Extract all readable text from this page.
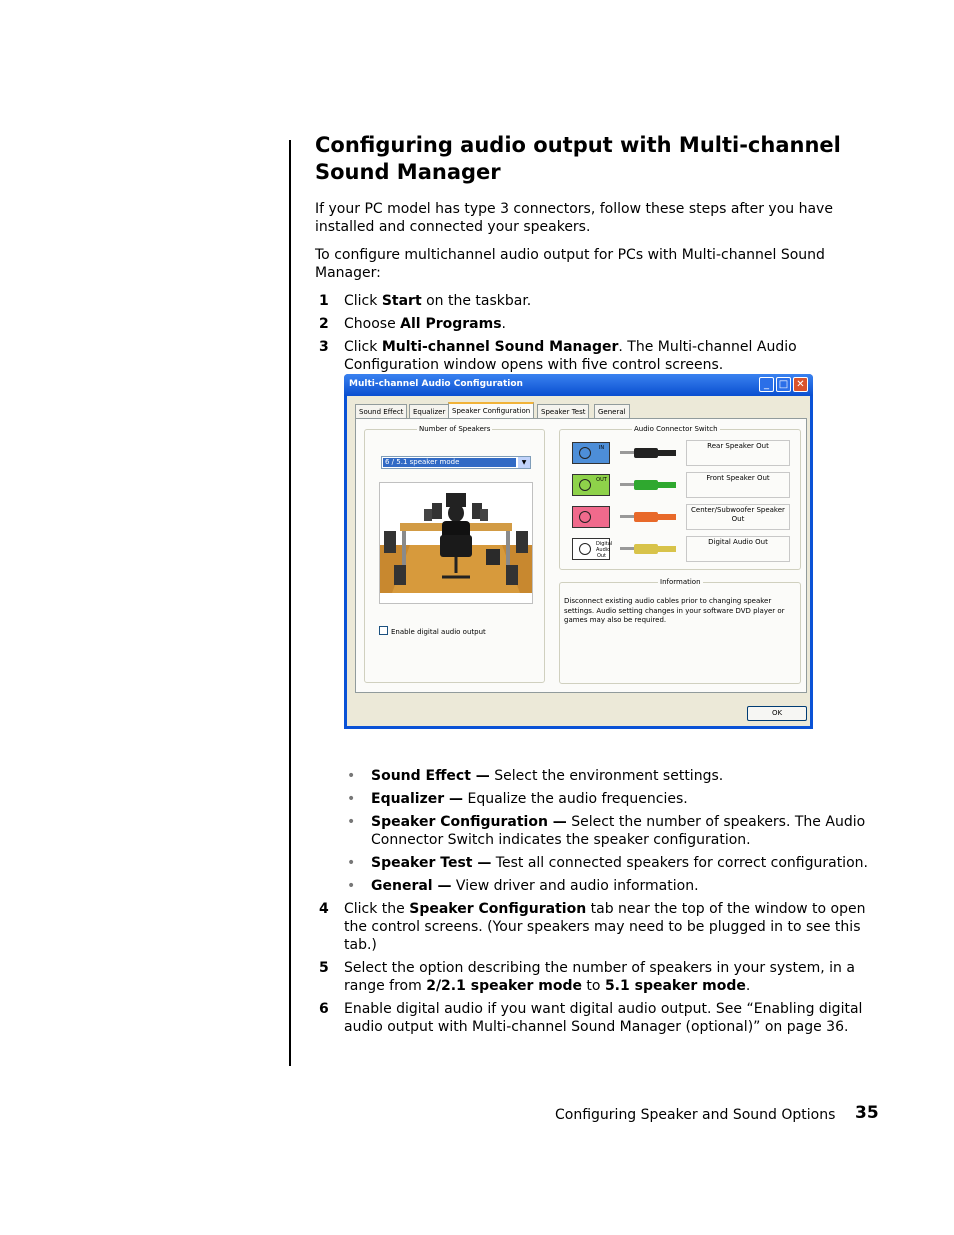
Configuring audio output with Multi-channel Sound Manager

If your PC model has type 3 connectors, follow these steps after you have installed and connected your speakers.

To configure multichannel audio output for PCs with Multi-channel Sound Manager:

1 Click Start on the taskbar.
2 Choose All Programs.
3 Click Multi-channel Sound Manager. The Multi-channel Audio Configuration window opens with five control screens.
• Sound Effect — Select the environment settings.
• Equalizer — Equalize the audio frequencies.
• Speaker Configuration — Select the number of speakers. The Audio Connector Switch indicates the speaker configuration.
• Speaker Test — Test all connected speakers for correct configuration.
• General — View driver and audio information.
4 Click the Speaker Configuration tab near the top of the window to open the control screens. (Your speakers may need to be plugged in to see this tab.)
5 Select the option describing the number of speakers in your system, in a range from 2/2.1 speaker mode to 5.1 speaker mode.
6 Enable digital audio if you want digital audio output. See “Enabling digital audio output with Multi-channel Sound Manager (optional)” on page 36.
Multi-channel Audio Configuration	_ □ ✕
Sound Effect	Equalizer Speaker Configuration	Speaker Test	General
Number of Speakers
6 / 5.1 speaker mode	▼
Enable digital audio output
Audio Connector Switch
IN	Rear Speaker Out
OUT	Front Speaker Out
Center/Subwoofer Speaker Out
Digital Audio Out
Digital Audio Out
Information
Disconnect existing audio cables prior to changing speaker settings. Audio setting changes in your software DVD player or games may also be required.
OK
Configuring Speaker and Sound Options 35
